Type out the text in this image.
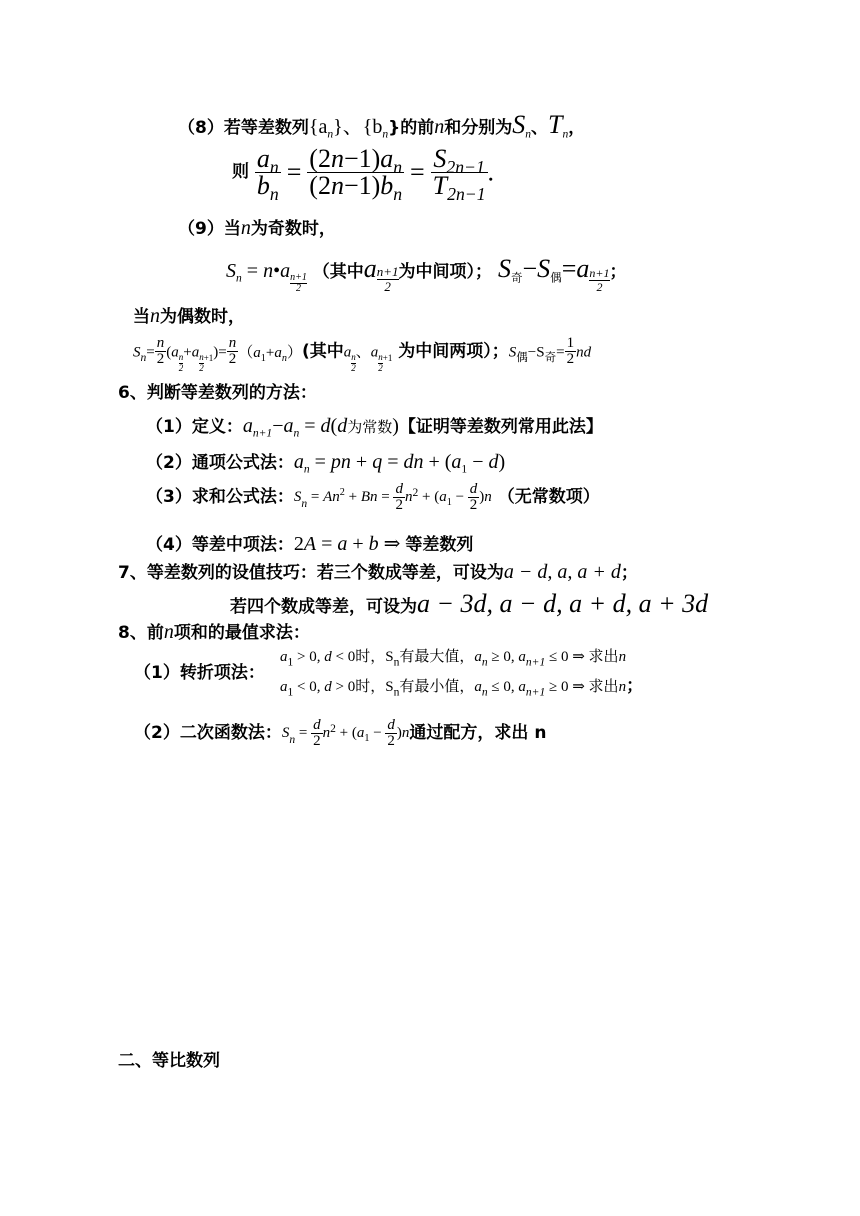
（8）若等差数列$\{a_n\}$、$\{b_n\}$的前n和分别为$S_n$、$T_n$，
则 $\frac{a_n}{b_n} = \frac{(2n-1)a_n}{(2n-1)b_n} = \frac{S_{2n-1}}{T_{2n-1}}$ .
（9）当n为奇数时，
$S_n$ = n•a
$\frac{n+1}{2}$
（其中a $\frac{n+1}{2}$ 为中间项）； $S_奇-S_偶=a \frac{n+1}{2}$ ；
当n为偶数时，
$S_n= \frac{n}{2} (a$
$\frac{n}{2}$
+a
$\frac{n}{2} _{+1})= \frac{n}{2} (a_1+a_n)$(其中a
$\frac{n}{2}$
、a
$\frac{n}{2} _{+1}$ 为中间两项）；$S_偶-S_奇= \frac{1}{2}$ nd
6、判断等差数列的方法：
（1）定义：$a_{n+1}-a_n = d(d$为常数)【证明等差数列常用此法】
（2）通项公式法：$a_n$ = pn + q = dn + $(a_1 - d)$
（3）求和公式法：$S_n = An^2 + Bn = \frac{d}{2} n^2 + (a_1 - \frac{d}{2} )n$ （无常数项）
（4）等差中项法：2A = a + b ⇒ 等差数列
7、等差数列的设值技巧：若三个数成等差，可设为a − d, a, a + d；
若四个数成等差，可设为a − 3d, a − d, a + d, a + 3d
8、前n项和的最值求法：
（1）转折项法：
$a_1 > 0$, d < 0时，$S_n$有最大值，$a_n \ge 0$, $a_{n+1} \le 0$ ⇒ 求出n
$a_1 < 0$, d > 0时，$S_n$有最小值，$a_n \le 0$, $a_{n+1} \ge 0$ ⇒ 求出n；
（2）二次函数法：$S_n = \frac{d}{2} n^2 + (a_1 - \frac{d}{2} )n$通过配方，求出 n
二、等比数列
